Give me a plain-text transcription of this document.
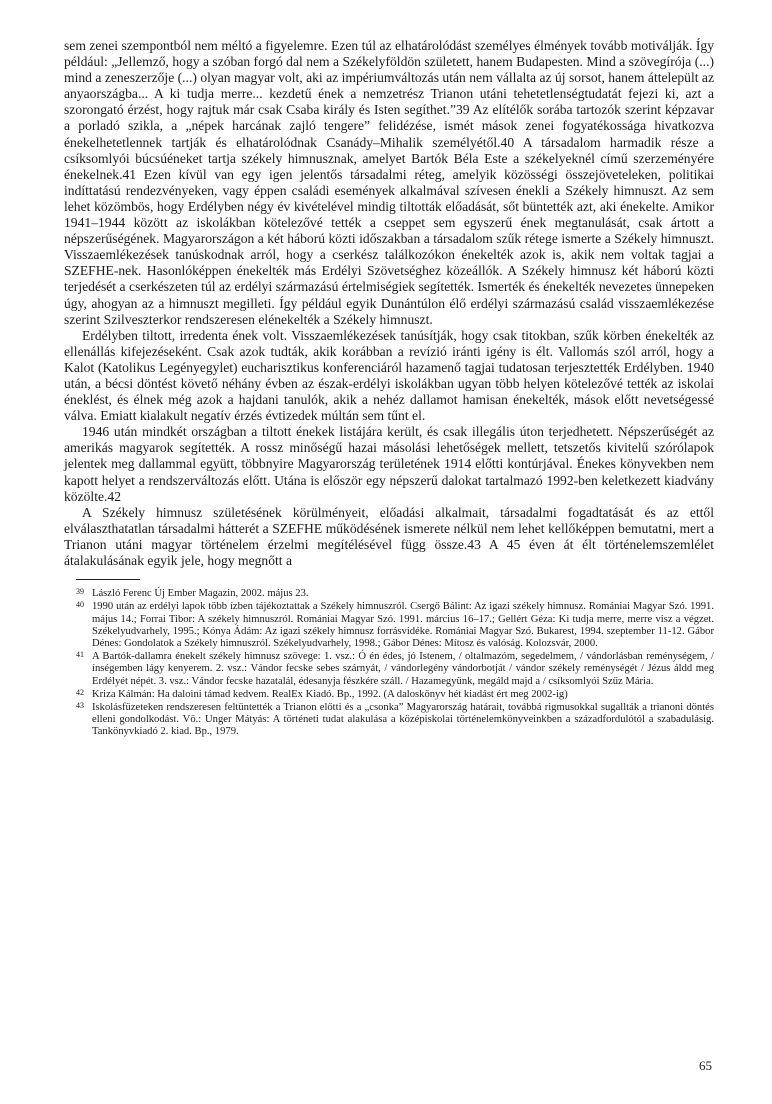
sem zenei szempontból nem méltó a figyelemre. Ezen túl az elhatárolódást személyes élmények tovább motiválják. Így például: „Jellemző, hogy a szóban forgó dal nem a Székelyföldön született, hanem Budapesten. Mind a szövegírója (...) mind a zeneszerzője (...) olyan magyar volt, aki az impériumváltozás után nem vállalta az új sorsot, hanem áttelepült az anyaországba... A ki tudja merre... kezdetű ének a nemzetrész Trianon utáni tehetetlenségtudatát fejezi ki, azt a szorongató érzést, hogy rajtuk már csak Csaba király és Isten segíthet.”39 Az elítélők sorába tartozók szerint képzavar a porladó szikla, a „népek harcának zajló tengere” felidézése, ismét mások zenei fogyatékossága hivatkozva énekelhetetlennek tartják és elhatárolódnak Csanády–Mihalik személyétől.40 A társadalom harmadik része a csíksomlyói búcsúéneket tartja székely himnusznak, amelyet Bartók Béla Este a székelyeknél című szerzeményére énekelnek.41 Ezen kívül van egy igen jelentős társadalmi réteg, amelyik közösségi összejöveteleken, politikai indíttatású rendezvényeken, vagy éppen családi események alkalmával szívesen énekli a Székely himnuszt. Az sem lehet közömbös, hogy Erdélyben négy év kivételével mindig tiltották előadását, sőt büntették azt, aki énekelte. Amikor 1941–1944 között az iskolákban kötelezővé tették a cseppet sem egyszerű ének megtanulását, csak ártott a népszerűségének. Magyarországon a két háború közti időszakban a társadalom szűk rétege ismerte a Székely himnuszt. Visszaemlékezések tanúskodnak arról, hogy a cserkész találkozókon énekelték azok is, akik nem voltak tagjai a SZEFHE-nek. Hasonlóképpen énekelték más Erdélyi Szövetséghez közeállók. A Székely himnusz két háború közti terjedését a cserkészeten túl az erdélyi származású értelmiségiek segítették. Ismerték és énekelték nevezetes ünnepeken úgy, ahogyan az a himnuszt megilleti. Így például egyik Dunántúlon élő erdélyi származású család visszaemlékezése szerint Szilveszterkor rendszeresen elénekelték a Székely himnuszt.

Erdélyben tiltott, irredenta ének volt. Visszaemlékezések tanúsítják, hogy csak titokban, szűk körben énekelték az ellenállás kifejezéseként. Csak azok tudták, akik korábban a revízió iránti igény is élt. Vallomás szól arról, hogy a Kalot (Katolikus Legényegylet) eucharisztikus konferenciáról hazamenő tagjai tudatosan terjesztették Erdélyben. 1940 után, a bécsi döntést követő néhány évben az észak-erdélyi iskolákban ugyan több helyen kötelezővé tették az iskolai éneklést, és élnek még azok a hajdani tanulók, akik a nehéz dallamot hamisan énekelték, mások előtt nevetségessé válva. Emiatt kialakult negatív érzés évtizedek múltán sem tűnt el.

1946 után mindkét országban a tiltott énekek listájára került, és csak illegális úton terjedhetett. Népszerűségét az amerikás magyarok segítették. A rossz minőségű hazai másolási lehetőségek mellett, tetszetős kivitelű szórólapok jelentek meg dallammal együtt, többnyire Magyarország területének 1914 előtti kontúrjával. Énekes könyvekben nem kapott helyet a rendszerváltozás előtt. Utána is először egy népszerű dalokat tartalmazó 1992-ben keletkezett kiadvány közölte.42

A Székely himnusz születésének körülményeit, előadási alkalmait, társadalmi fogadtatását és az ettől elválaszthatatlan társadalmi hátterét a SZEFHE működésének ismerete nélkül nem lehet kellőképpen bemutatni, mert a Trianon utáni magyar történelem érzelmi megítélésével függ össze.43 A 45 éven át élt történelemszemlélet átalakulásának egyik jele, hogy megnőtt a

39 László Ferenc Új Ember Magazin, 2002. május 23.
40 1990 után az erdélyi lapok több ízben tájékoztattak a Székely himnuszról. Csergő Bálint: Az igazi székely himnusz. Romániai Magyar Szó. 1991. május 14.; Forrai Tibor: A székely himnuszról. Romániai Magyar Szó. 1991. március 16–17.; Gellért Géza: Ki tudja merre, merre visz a végzet. Székelyudvarhely, 1995.; Kónya Ádám: Az igazi székely himnusz forrásvidéke. Romániai Magyar Szó. Bukarest, 1994. szeptember 11-12. Gábor Dénes: Gondolatok a Székely himnuszról. Székelyudvarhely, 1998.; Gábor Dénes: Mítosz és valóság. Kolozsvár, 2000.
41 A Bartók-dallamra énekelt székely himnusz szövege: 1. vsz.: Ó én édes, jó Istenem, / oltalmazóm, segedelmem, / vándorlásban reménységem, / ínségemben lágy kenyerem. 2. vsz.: Vándor fecske sebes szárnyát, / vándorlegény vándorbotját / vándor székely reménységét / Jézus áldd meg Erdélyét népét. 3. vsz.: Vándor fecske hazatalál, édesanyja fészkére száll. / Hazamegyünk, megáld majd a / csíksomlyói Szűz Mária.
42 Kriza Kálmán: Ha daloini támad kedvem. RealEx Kiadó. Bp., 1992. (A daloskönyv hét kiadást ért meg 2002-ig)
43 Iskolásfüzeteken rendszeresen feltüntették a Trianon előtti és a „csonka” Magyarország határait, továbbá rigmusokkal sugallták a trianoni döntés elleni gondolkodást. Vö.: Unger Mátyás: A történeti tudat alakulása a középiskolai történelemkönyveinkben a századfordulótól a szabadulásig. Tankönyvkiadó 2. kiad. Bp., 1979.
65
